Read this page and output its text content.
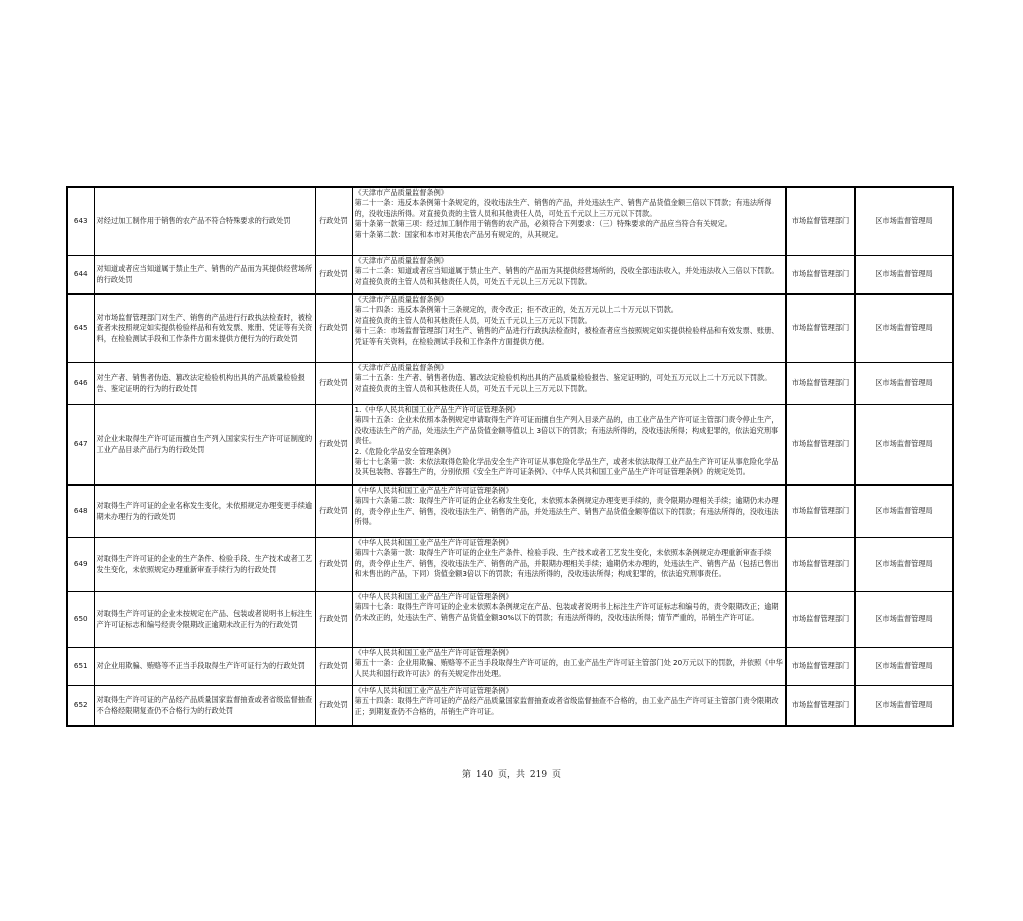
643	对经过加工制作用于销售的农产品不符合特殊要求的行政处罚	行政处罚	《天津市产品质量监督条例》
第二十一条：违反本条例第十条规定的，没收违法生产、销售的产品，并处违法生产、销售产品货值金额三倍以下罚款；有违法所得的，没收违法所得。对直接负责的主管人员和其他责任人员，可处五千元以上三万元以下罚款。
第十条第一款第三项：经过加工制作用于销售的农产品，必须符合下列要求：（三）特殊要求的产品应当符合有关规定。
第十条第二款：国家和本市对其他农产品另有规定的，从其规定。	市场监督管理部门	区市场监督管理局
644	对知道或者应当知道属于禁止生产、销售的产品而为其提供经营场所的行政处罚	行政处罚	《天津市产品质量监督条例》
第二十二条：知道或者应当知道属于禁止生产、销售的产品而为其提供经营场所的，没收全部违法收入，并处违法收入三倍以下罚款。
对直接负责的主管人员和其他责任人员，可处五千元以上三万元以下罚款。	市场监督管理部门	区市场监督管理局
645	对市场监督管理部门对生产、销售的产品进行行政执法检查时，被检查者未按照规定如实提供检验样品和有效发票、账册、凭证等有关资料，在检验测试手段和工作条件方面未提供方便行为的行政处罚	行政处罚	《天津市产品质量监督条例》
第二十四条：违反本条例第十三条规定的，责令改正；拒不改正的，处五万元以上二十万元以下罚款。
对直接负责的主管人员和其他责任人员，可处五千元以上三万元以下罚款。
第十三条：市场监督管理部门对生产、销售的产品进行行政执法检查时，被检查者应当按照规定如实提供检验样品和有效发票、账册、凭证等有关资料，在检验测试手段和工作条件方面提供方便。	市场监督管理部门	区市场监督管理局
646	对生产者、销售者伪造、篡改法定检验机构出具的产品质量检验报告、鉴定证明的行为的行政处罚	行政处罚	《天津市产品质量监督条例》
第二十五条：生产者、销售者伪造、篡改法定检验机构出具的产品质量检验报告、鉴定证明的，可处五万元以上二十万元以下罚款。
对直接负责的主管人员和其他责任人员，可处五千元以上三万元以下罚款。	市场监督管理部门	区市场监督管理局
647	对企业未取得生产许可证而擅自生产列入国家实行生产许可证制度的工业产品目录产品行为的行政处罚	行政处罚	1.《中华人民共和国工业产品生产许可证管理条例》
第四十五条：企业未依照本条例规定申请取得生产许可证而擅自生产列入目录产品的，由工业产品生产许可证主管部门责令停止生产，没收违法生产的产品，处违法生产产品货值金额等值以上 3倍以下的罚款；有违法所得的，没收违法所得；构成犯罪的，依法追究刑事责任。
2.《危险化学品安全管理条例》
第七十七条第一款：未依法取得危险化学品安全生产许可证从事危险化学品生产，或者未依法取得工业产品生产许可证从事危险化学品及其包装物、容器生产的，分别依照《安全生产许可证条例》、《中华人民共和国工业产品生产许可证管理条例》的规定处罚。	市场监督管理部门	区市场监督管理局
648	对取得生产许可证的企业名称发生变化，未依照规定办理变更手续逾期未办理行为的行政处罚	行政处罚	《中华人民共和国工业产品生产许可证管理条例》
第四十六条第二款：取得生产许可证的企业名称发生变化，未依照本条例规定办理变更手续的，责令限期办理相关手续；逾期仍未办理的，责令停止生产、销售，没收违法生产、销售的产品，并处违法生产、销售产品货值金额等值以下的罚款；有违法所得的，没收违法所得。	市场监督管理部门	区市场监督管理局
649	对取得生产许可证的企业的生产条件、检验手段、生产技术或者工艺发生变化，未依照规定办理重新审查手续行为的行政处罚	行政处罚	《中华人民共和国工业产品生产许可证管理条例》
第四十六条第一款：取得生产许可证的企业生产条件、检验手段、生产技术或者工艺发生变化，未依照本条例规定办理重新审查手续的，责令停止生产、销售，没收违法生产、销售的产品，并限期办理相关手续；逾期仍未办理的，处违法生产、销售产品（包括已售出和未售出的产品，下同）货值金额3倍以下的罚款；有违法所得的，没收违法所得；构成犯罪的，依法追究刑事责任。	市场监督管理部门	区市场监督管理局
650	对取得生产许可证的企业未按规定在产品、包装或者说明书上标注生产许可证标志和编号经责令限期改正逾期未改正行为的行政处罚	行政处罚	《中华人民共和国工业产品生产许可证管理条例》
第四十七条：取得生产许可证的企业未依照本条例规定在产品、包装或者说明书上标注生产许可证标志和编号的，责令限期改正；逾期仍未改正的，处违法生产、销售产品货值金额30%以下的罚款；有违法所得的，没收违法所得；情节严重的，吊销生产许可证。	市场监督管理部门	区市场监督管理局
651	对企业用欺骗、贿赂等不正当手段取得生产许可证行为的行政处罚	行政处罚	《中华人民共和国工业产品生产许可证管理条例》
第五十一条：企业用欺骗、贿赂等不正当手段取得生产许可证的，由工业产品生产许可证主管部门处 20万元以下的罚款，并依照《中华人民共和国行政许可法》的有关规定作出处理。	市场监督管理部门	区市场监督管理局
652	对取得生产许可证的产品经产品质量国家监督抽查或者省级监督抽查不合格经限期复查仍不合格行为的行政处罚	行政处罚	《中华人民共和国工业产品生产许可证管理条例》
第五十四条：取得生产许可证的产品经产品质量国家监督抽查或者省级监督抽查不合格的，由工业产品生产许可证主管部门责令限期改正；到期复查仍不合格的，吊销生产许可证。	市场监督管理部门	区市场监督管理局
第 140 页，共 219 页
